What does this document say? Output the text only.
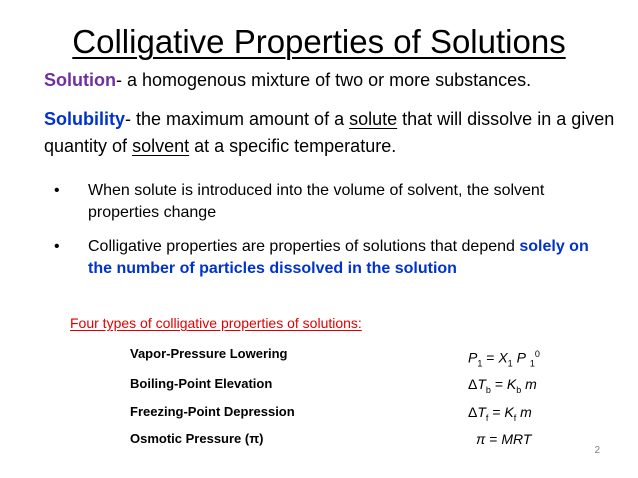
Colligative Properties of Solutions
Solution- a homogenous mixture of two or more substances.
Solubility- the maximum amount of a solute that will dissolve in a given quantity of solvent at a specific temperature.
• When solute is introduced into the volume of solvent, the solvent properties change
• Colligative properties are properties of solutions that depend solely on the number of particles dissolved in the solution
Four types of colligative properties of solutions:
Vapor-Pressure Lowering	$P_1 = X_1$ P $_1^0$
Boiling-Point Elevation	$\Delta T_b = K_b$ m
Freezing-Point Depression	$\Delta T_f = K_f$ m
Osmotic Pressure (π)	π = MRT
2
